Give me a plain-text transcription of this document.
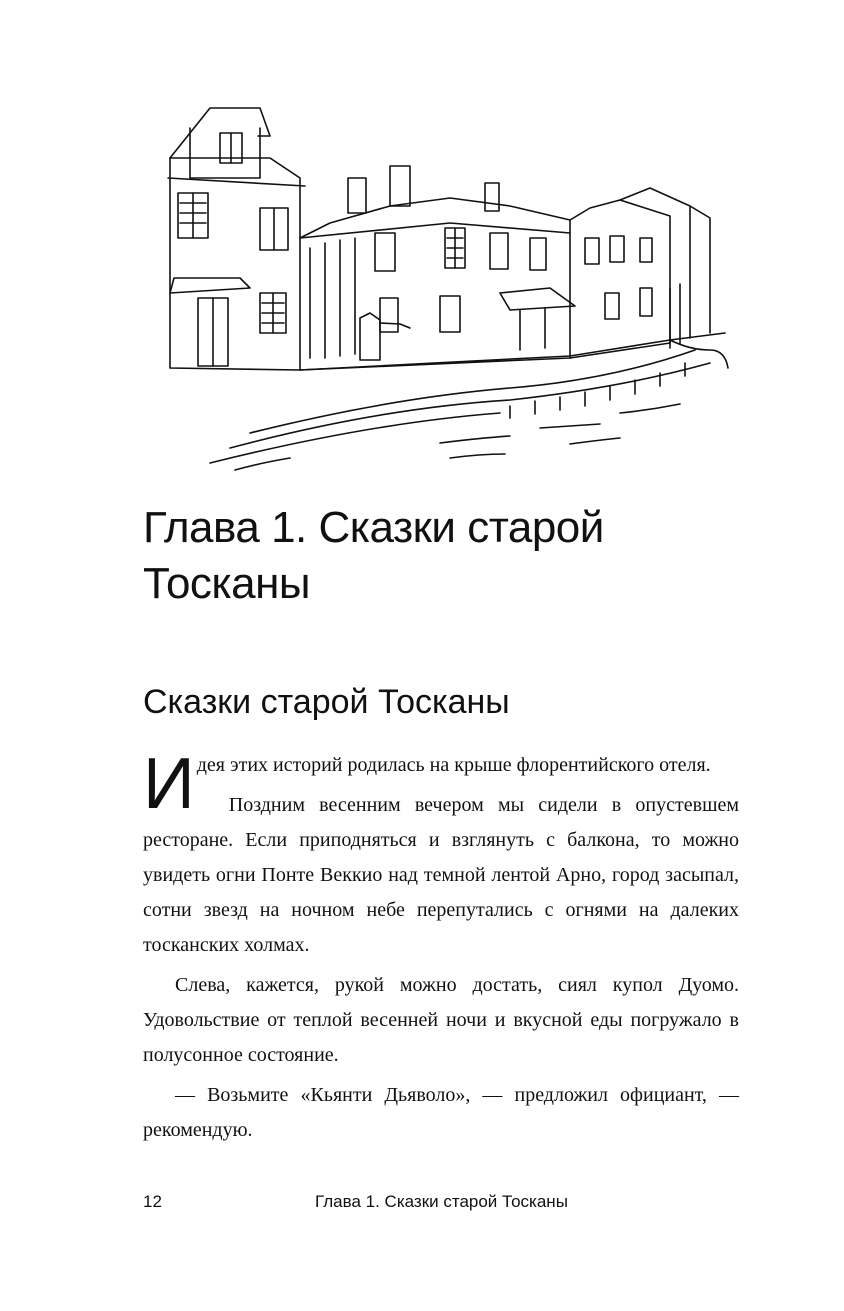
Глава 1. Сказки старой Тосканы
Сказки старой Тосканы

Идея этих историй родилась на крыше флорентийского отеля.

Поздним весенним вечером мы сидели в опустевшем ресторане. Если приподняться и взглянуть с балкона, то можно увидеть огни Понте Веккио над темной лентой Арно, город засыпал, сотни звезд на ночном небе перепутались с огнями на далеких тосканских холмах.

Слева, кажется, рукой можно достать, сиял купол Дуомо. Удовольствие от теплой весенней ночи и вкусной еды погружало в полусонное состояние.

— Возьмите «Кьянти Дьяволо», — предложил официант, — рекомендую.

12	Глава 1. Сказки старой Тосканы
